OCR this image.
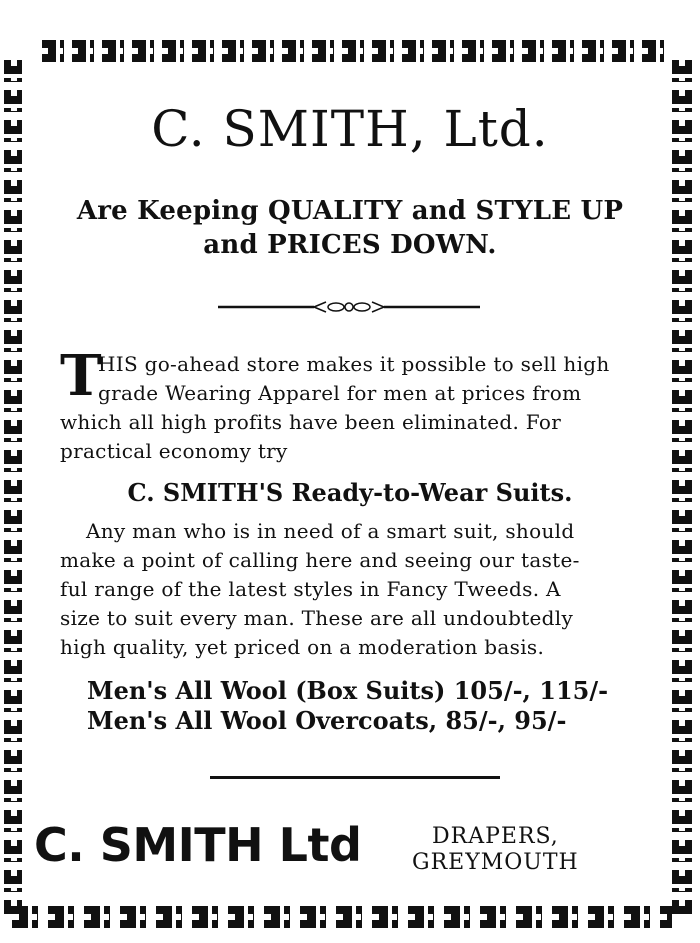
C. SMITH, Ltd.
Are Keeping QUALITY and STYLE UP
and PRICES DOWN.
T
HIS go-ahead store makes it possible to sell high
grade Wearing Apparel for men at prices from
which all high profits have been eliminated. For
practical economy try
C. SMITH'S Ready-to-Wear Suits.
Any man who is in need of a smart suit, should
make a point of calling here and seeing our taste-
ful range of the latest styles in Fancy Tweeds. A
size to suit every man. These are all undoubtedly
high quality, yet priced on a moderation basis.
Men's All Wool (Box Suits) 105/-, 115/-
Men's All Wool Overcoats, 85/-, 95/-
C. SMITH Ltd	DRAPERS,
GREYMOUTH
